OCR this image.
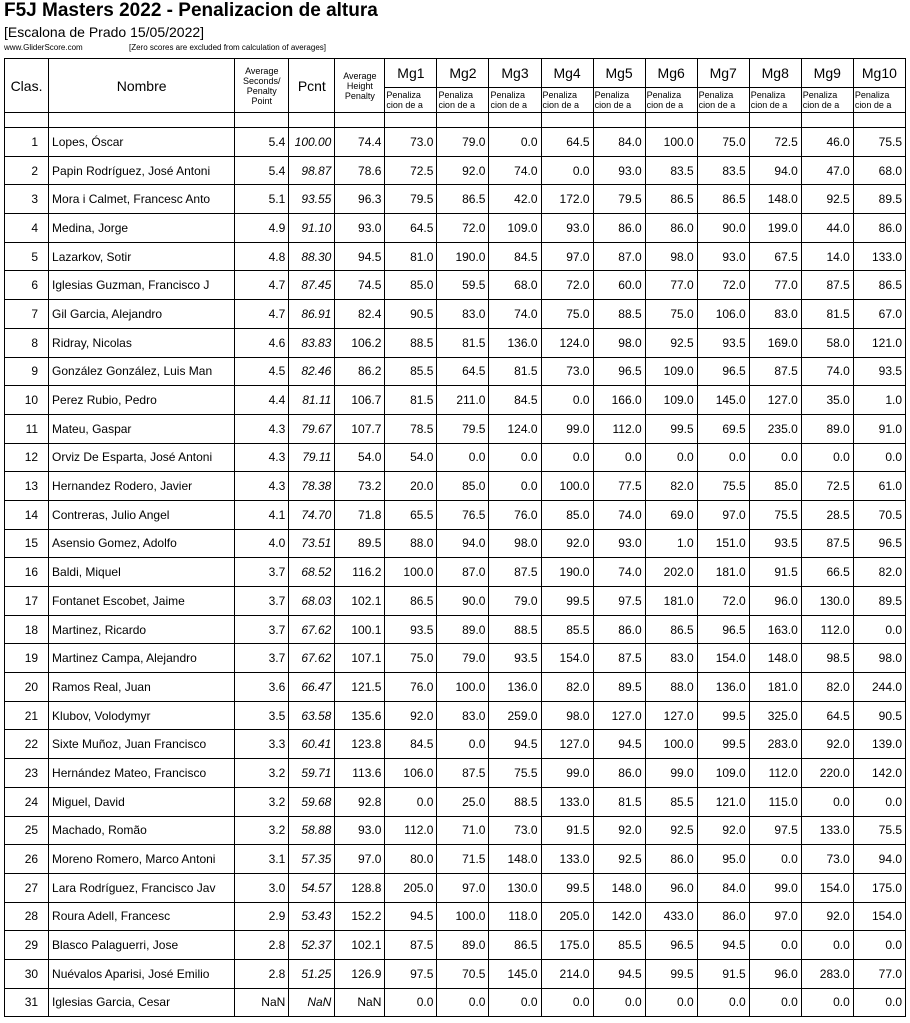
F5J Masters 2022 - Penalizacion de altura
[Escalona de Prado 15/05/2022]
www.GliderScore.com	[Zero scores are excluded from calculation of averages]
Clas.	Nombre	Average Seconds/ Penalty Point	Pcnt	Average Height Penalty	Mg1	Mg2	Mg3	Mg4	Mg5	Mg6	Mg7	Mg8	Mg9	Mg10
					Penaliza cion de a	Penaliza cion de a	Penaliza cion de a	Penaliza cion de a	Penaliza cion de a	Penaliza cion de a	Penaliza cion de a	Penaliza cion de a	Penaliza cion de a	Penaliza cion de a

1	Lopes, Óscar	5.4	100.00	74.4	73.0	79.0	0.0	64.5	84.0	100.0	75.0	72.5	46.0	75.5
2	Papin Rodríguez, José Antoni	5.4	98.87	78.6	72.5	92.0	74.0	0.0	93.0	83.5	83.5	94.0	47.0	68.0
3	Mora i Calmet, Francesc Anto	5.1	93.55	96.3	79.5	86.5	42.0	172.0	79.5	86.5	86.5	148.0	92.5	89.5
4	Medina, Jorge	4.9	91.10	93.0	64.5	72.0	109.0	93.0	86.0	86.0	90.0	199.0	44.0	86.0
5	Lazarkov, Sotir	4.8	88.30	94.5	81.0	190.0	84.5	97.0	87.0	98.0	93.0	67.5	14.0	133.0
6	Iglesias Guzman, Francisco J	4.7	87.45	74.5	85.0	59.5	68.0	72.0	60.0	77.0	72.0	77.0	87.5	86.5
7	Gil Garcia, Alejandro	4.7	86.91	82.4	90.5	83.0	74.0	75.0	88.5	75.0	106.0	83.0	81.5	67.0
8	Ridray, Nicolas	4.6	83.83	106.2	88.5	81.5	136.0	124.0	98.0	92.5	93.5	169.0	58.0	121.0
9	González González, Luis Man	4.5	82.46	86.2	85.5	64.5	81.5	73.0	96.5	109.0	96.5	87.5	74.0	93.5
10	Perez Rubio, Pedro	4.4	81.11	106.7	81.5	211.0	84.5	0.0	166.0	109.0	145.0	127.0	35.0	1.0
11	Mateu, Gaspar	4.3	79.67	107.7	78.5	79.5	124.0	99.0	112.0	99.5	69.5	235.0	89.0	91.0
12	Orviz De Esparta, José Antoni	4.3	79.11	54.0	54.0	0.0	0.0	0.0	0.0	0.0	0.0	0.0	0.0	0.0
13	Hernandez Rodero, Javier	4.3	78.38	73.2	20.0	85.0	0.0	100.0	77.5	82.0	75.5	85.0	72.5	61.0
14	Contreras, Julio Angel	4.1	74.70	71.8	65.5	76.5	76.0	85.0	74.0	69.0	97.0	75.5	28.5	70.5
15	Asensio Gomez, Adolfo	4.0	73.51	89.5	88.0	94.0	98.0	92.0	93.0	1.0	151.0	93.5	87.5	96.5
16	Baldi, Miquel	3.7	68.52	116.2	100.0	87.0	87.5	190.0	74.0	202.0	181.0	91.5	66.5	82.0
17	Fontanet Escobet, Jaime	3.7	68.03	102.1	86.5	90.0	79.0	99.5	97.5	181.0	72.0	96.0	130.0	89.5
18	Martinez, Ricardo	3.7	67.62	100.1	93.5	89.0	88.5	85.5	86.0	86.5	96.5	163.0	112.0	0.0
19	Martinez Campa, Alejandro	3.7	67.62	107.1	75.0	79.0	93.5	154.0	87.5	83.0	154.0	148.0	98.5	98.0
20	Ramos Real, Juan	3.6	66.47	121.5	76.0	100.0	136.0	82.0	89.5	88.0	136.0	181.0	82.0	244.0
21	Klubov, Volodymyr	3.5	63.58	135.6	92.0	83.0	259.0	98.0	127.0	127.0	99.5	325.0	64.5	90.5
22	Sixte Muñoz, Juan Francisco	3.3	60.41	123.8	84.5	0.0	94.5	127.0	94.5	100.0	99.5	283.0	92.0	139.0
23	Hernández Mateo, Francisco	3.2	59.71	113.6	106.0	87.5	75.5	99.0	86.0	99.0	109.0	112.0	220.0	142.0
24	Miguel, David	3.2	59.68	92.8	0.0	25.0	88.5	133.0	81.5	85.5	121.0	115.0	0.0	0.0
25	Machado, Romão	3.2	58.88	93.0	112.0	71.0	73.0	91.5	92.0	92.5	92.0	97.5	133.0	75.5
26	Moreno Romero, Marco Antoni	3.1	57.35	97.0	80.0	71.5	148.0	133.0	92.5	86.0	95.0	0.0	73.0	94.0
27	Lara Rodríguez, Francisco Jav	3.0	54.57	128.8	205.0	97.0	130.0	99.5	148.0	96.0	84.0	99.0	154.0	175.0
28	Roura Adell, Francesc	2.9	53.43	152.2	94.5	100.0	118.0	205.0	142.0	433.0	86.0	97.0	92.0	154.0
29	Blasco Palaguerri, Jose	2.8	52.37	102.1	87.5	89.0	86.5	175.0	85.5	96.5	94.5	0.0	0.0	0.0
30	Nuévalos Aparisi, José Emilio	2.8	51.25	126.9	97.5	70.5	145.0	214.0	94.5	99.5	91.5	96.0	283.0	77.0
31	Iglesias Garcia, Cesar	NaN	NaN	NaN	0.0	0.0	0.0	0.0	0.0	0.0	0.0	0.0	0.0	0.0
